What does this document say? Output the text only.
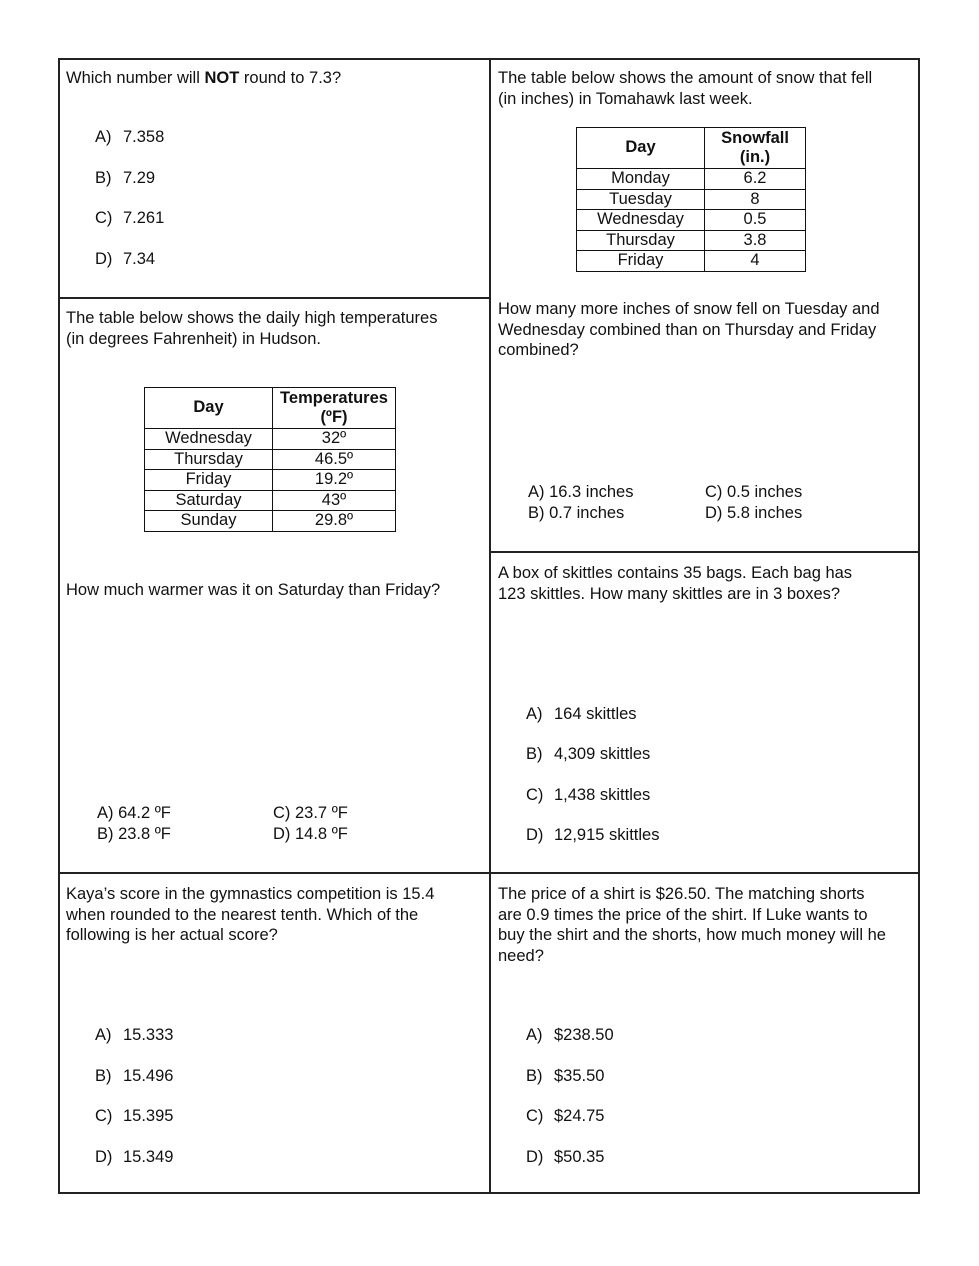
Which number will NOT round to 7.3?
A) 7.358
B) 7.29
C) 7.261
D) 7.34
The table below shows the amount of snow that fell
(in inches) in Tomahawk last week.
Day	Snowfall
(in.)

Monday	6.2
Tuesday	8
Wednesday	0.5
Thursday	3.8
Friday	4
How many more inches of snow fell on Tuesday and
Wednesday combined than on Thursday and Friday
combined?
A) 16.3 inches
B) 0.7 inches
C) 0.5 inches
D) 5.8 inches
The table below shows the daily high temperatures
(in degrees Fahrenheit) in Hudson.
Day	Temperatures
(ºF)

Wednesday	32º
Thursday	46.5º
Friday	19.2º
Saturday	43º
Sunday	29.8º
How much warmer was it on Saturday than Friday?
A) 64.2 ºF
B) 23.8 ºF
C) 23.7 ºF
D) 14.8 ºF
A box of skittles contains 35 bags. Each bag has
123 skittles. How many skittles are in 3 boxes?
A) 164 skittles
B) 4,309 skittles
C) 1,438 skittles
D) 12,915 skittles
Kaya’s score in the gymnastics competition is 15.4
when rounded to the nearest tenth. Which of the
following is her actual score?
A) 15.333
B) 15.496
C) 15.395
D) 15.349
The price of a shirt is $26.50. The matching shorts
are 0.9 times the price of the shirt. If Luke wants to
buy the shirt and the shorts, how much money will he
need?
A) $238.50
B) $35.50
C) $24.75
D) $50.35
